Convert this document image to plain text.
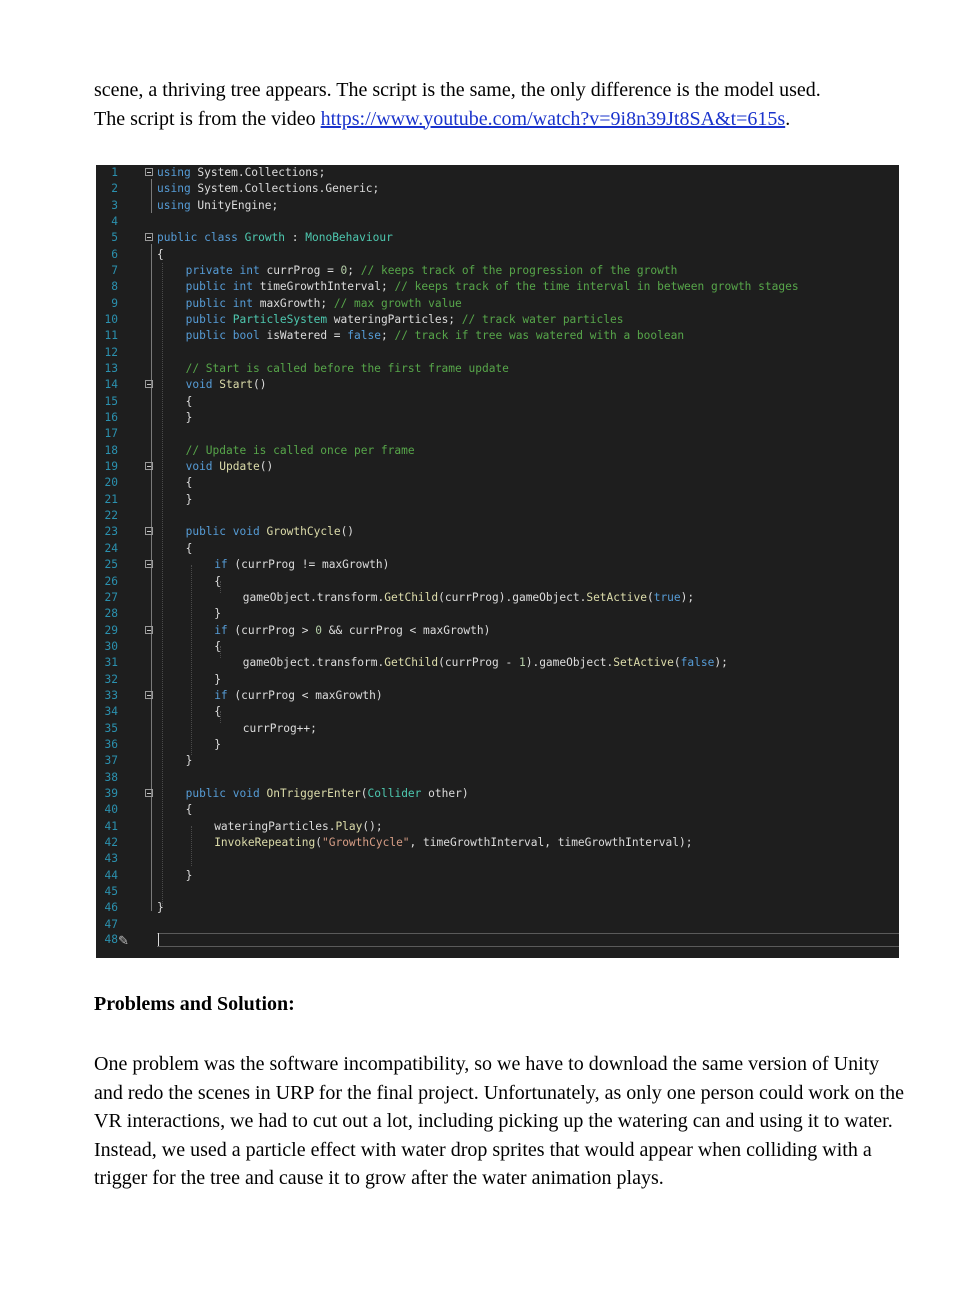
scene, a thriving tree appears. The script is the same, the only difference is the model used.
The script is from the video https://www.youtube.com/watch?v=9i8n39Jt8SA&t=615s.

1	using System.Collections;
2	using System.Collections.Generic;
3	using UnityEngine;
4
5	public class Growth : MonoBehaviour
6	{
7	private int currProg = 0; // keeps track of the progression of the growth
8	public int timeGrowthInterval; // keeps track of the time interval in between growth stages
9	public int maxGrowth; // max growth value
10	public ParticleSystem wateringParticles; // track water particles
11	public bool isWatered = false; // track if tree was watered with a boolean
12
13	// Start is called before the first frame update
14	void Start()
15	{
16	}
17
18	// Update is called once per frame
19	void Update()
20	{
21	}
22
23	public void GrowthCycle()
24	{
25	if (currProg != maxGrowth)
26	{
27	gameObject.transform.GetChild(currProg).gameObject.SetActive(true);
28	}
29	if (currProg > 0 && currProg < maxGrowth)
30	{
31	gameObject.transform.GetChild(currProg - 1).gameObject.SetActive(false);
32	}
33	if (currProg < maxGrowth)
34	{
35	currProg++;
36	}
37	}
38
39	public void OnTriggerEnter(Collider other)
40	{
41	wateringParticles.Play();
42	InvokeRepeating("GrowthCycle", timeGrowthInterval, timeGrowthInterval);
43
44	}
45
46	}
47
48 ✎

Problems and Solution:

One problem was the software incompatibility, so we have to download the same version of Unity and redo the scenes in URP for the final project. Unfortunately, as only one person could work on the VR interactions, we had to cut out a lot, including picking up the watering can and using it to water. Instead, we used a particle effect with water drop sprites that would appear when colliding with a trigger for the tree and cause it to grow after the water animation plays.
